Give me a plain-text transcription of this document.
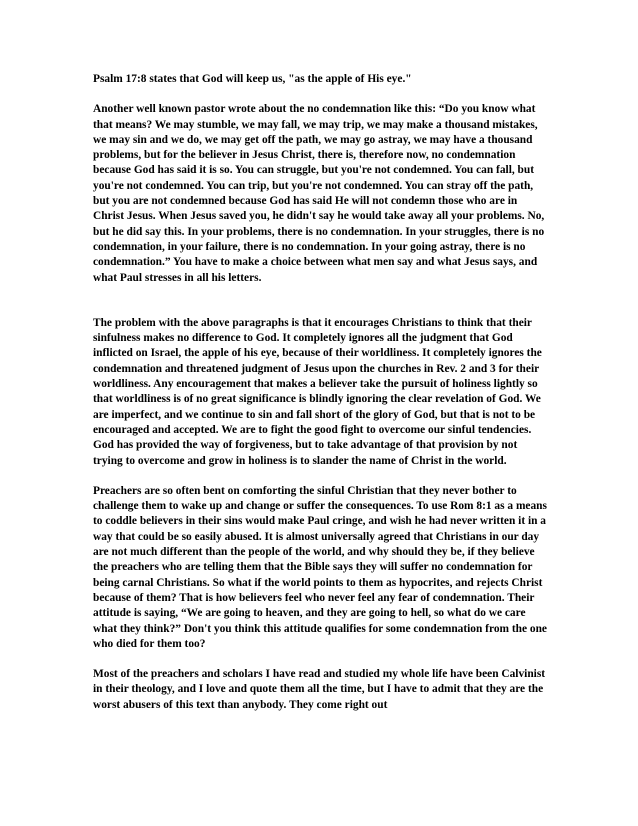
Psalm 17:8 states that God will keep us, "as the apple of His eye."

Another well known pastor wrote about the no condemnation like this: “Do you know what that means? We may stumble, we may fall, we may trip, we may make a thousand mistakes, we may sin and we do, we may get off the path, we may go astray, we may have a thousand problems, but for the believer in Jesus Christ, there is, therefore now, no condemnation because God has said it is so. You can struggle, but you're not condemned. You can fall, but you're not condemned. You can trip, but you're not condemned. You can stray off the path, but you are not condemned because God has said He will not condemn those who are in Christ Jesus. When Jesus saved you, he didn't say he would take away all your problems. No, but he did say this. In your problems, there is no condemnation. In your struggles, there is no condemnation, in your failure, there is no condemnation. In your going astray, there is no condemnation.” You have to make a choice between what men say and what Jesus says, and what Paul stresses in all his letters.

The problem with the above paragraphs is that it encourages Christians to think that their sinfulness makes no difference to God. It completely ignores all the judgment that God inflicted on Israel, the apple of his eye, because of their worldliness. It completely ignores the condemnation and threatened judgment of Jesus upon the churches in Rev. 2 and 3 for their worldliness. Any encouragement that makes a believer take the pursuit of holiness lightly so that worldliness is of no great significance is blindly ignoring the clear revelation of God. We are imperfect, and we continue to sin and fall short of the glory of God, but that is not to be encouraged and accepted. We are to fight the good fight to overcome our sinful tendencies. God has provided the way of forgiveness, but to take advantage of that provision by not trying to overcome and grow in holiness is to slander the name of Christ in the world.

Preachers are so often bent on comforting the sinful Christian that they never bother to challenge them to wake up and change or suffer the consequences. To use Rom 8:1 as a means to coddle believers in their sins would make Paul cringe, and wish he had never written it in a way that could be so easily abused. It is almost universally agreed that Christians in our day are not much different than the people of the world, and why should they be, if they believe the preachers who are telling them that the Bible says they will suffer no condemnation for being carnal Christians. So what if the world points to them as hypocrites, and rejects Christ because of them? That is how believers feel who never feel any fear of condemnation. Their attitude is saying, “We are going to heaven, and they are going to hell, so what do we care what they think?” Don't you think this attitude qualifies for some condemnation from the one who died for them too?

Most of the preachers and scholars I have read and studied my whole life have been Calvinist in their theology, and I love and quote them all the time, but I have to admit that they are the worst abusers of this text than anybody. They come right out
